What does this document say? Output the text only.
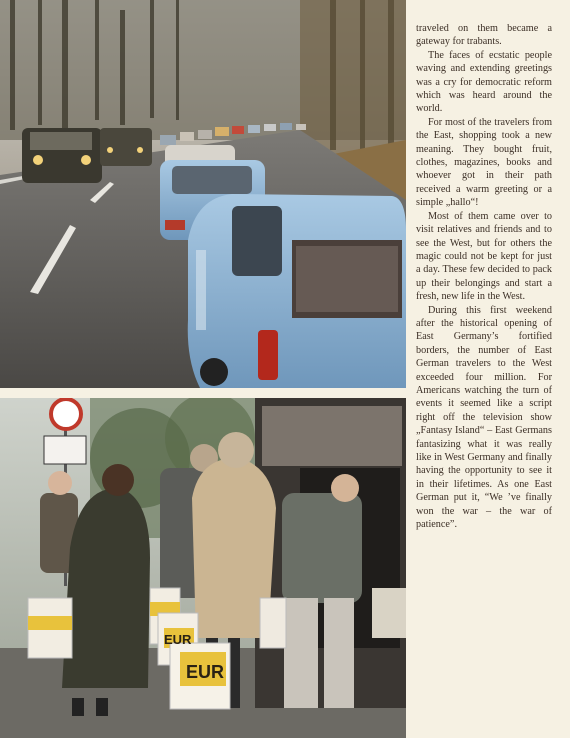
EUR
EUR

traveled on them became a gateway for trabants.

The faces of ecstatic people waving and extending greetings was a cry for democratic reform which was heard around the world.

For most of the travelers from the East, shopping took a new meaning. They bought fruit, clothes, magazines, books and whoever got in their path received a warm greeting or a simple „hallo“!

Most of them came over to visit relatives and friends and to see the West, but for others the magic could not be kept for just a day. These few decided to pack up their belongings and start a fresh, new life in the West.

During this first weekend after the historical opening of East Germany’s fortified borders, the number of East German travelers to the West exceeded four million. For Americans watching the turn of events it seemed like a script right off the television show „Fantasy Island“ – East Germans fantasizing what it was really like in West Germany and finally having the opportunity to see it in their lifetimes. As one East German put it, “We ’ve finally won the war – the war of patience”.
